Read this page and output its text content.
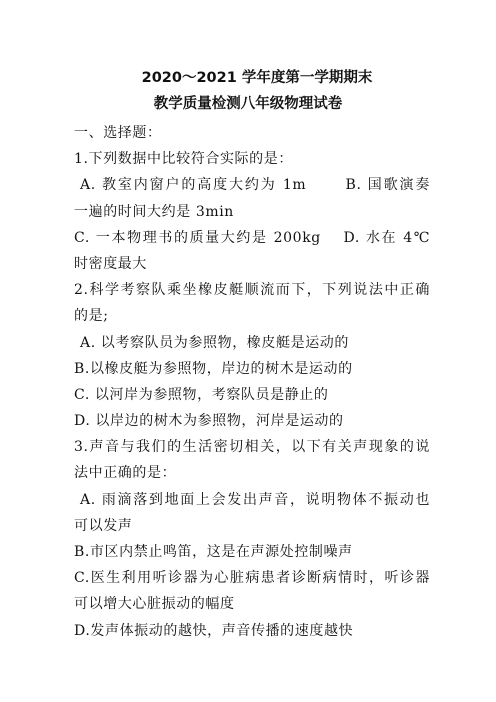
2020～2021 学年度第一学期期末
教学质量检测八年级物理试卷
一、选择题：
1.下列数据中比较符合实际的是：
A. 教室内窗户的高度大约为 1m　　 B. 国歌演奏
一遍的时间大约是 3min
C. 一本物理书的质量大约是 200kg　 D. 水在 4℃
时密度最大
2.科学考察队乘坐橡皮艇顺流而下，下列说法中正确
的是;
A. 以考察队员为参照物，橡皮艇是运动的
B.以橡皮艇为参照物，岸边的树木是运动的
C. 以河岸为参照物，考察队员是静止的
D. 以岸边的树木为参照物，河岸是运动的
3.声音与我们的生活密切相关，以下有关声现象的说
法中正确的是：
A. 雨滴落到地面上会发出声音，说明物体不振动也
可以发声
B.市区内禁止鸣笛，这是在声源处控制噪声
C.医生利用听诊器为心脏病患者诊断病情时，听诊器
可以增大心脏振动的幅度
D.发声体振动的越快，声音传播的速度越快
